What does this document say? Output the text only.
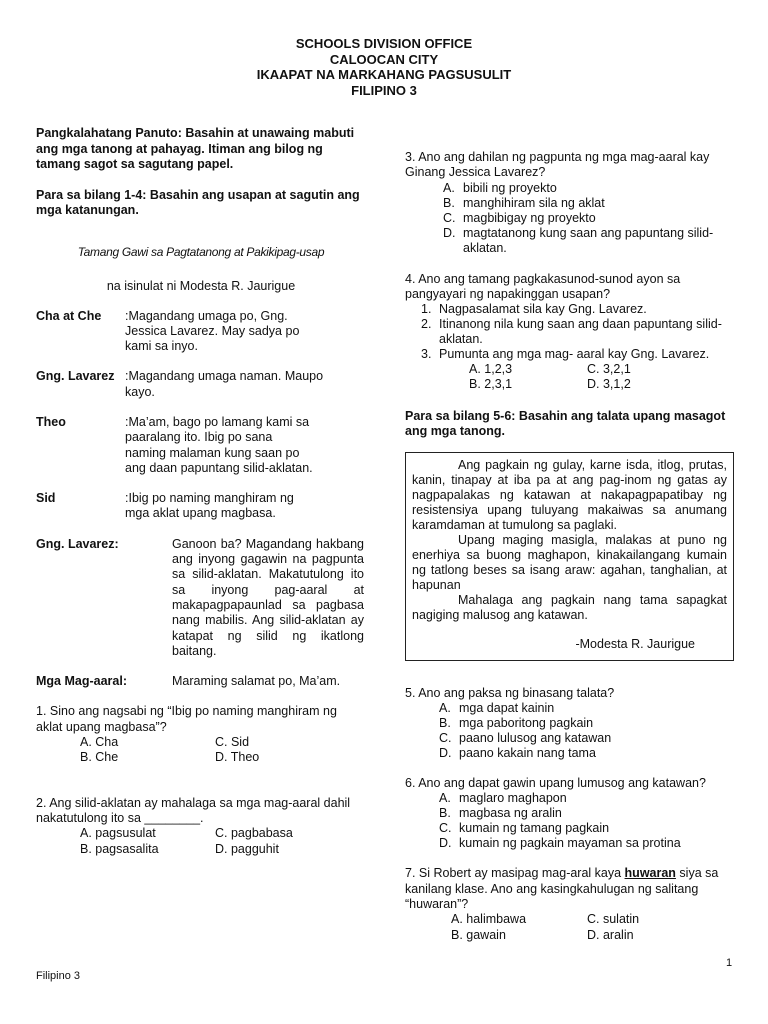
SCHOOLS DIVISION OFFICE
CALOOCAN CITY
IKAAPAT NA MARKAHANG PAGSUSULIT
FILIPINO 3

Pangkalahatang Panuto: Basahin at unawaing mabuti ang mga tanong at pahayag. Itiman ang bilog ng tamang sagot sa sagutang papel.

Para sa bilang 1-4: Basahin ang usapan at sagutin ang mga katanungan.

Tamang Gawi sa Pagtatanong at Pakikipag-usap

na isinulat ni Modesta R. Jaurigue

Cha at Che :Magandang umaga po, Gng. Jessica Lavarez. May sadya po kami sa inyo.
Gng. Lavarez :Magandang umaga naman. Maupo kayo.
Theo	:Ma’am, bago po lamang kami sa paaralang ito. Ibig po sana naming malaman kung saan po ang daan papuntang silid-aklatan.
Sid	:Ibig po naming manghiram ng mga aklat upang magbasa.
Gng. Lavarez:	Ganoon ba? Magandang hakbang ang inyong gagawin na pagpunta sa silid-aklatan. Makatutulong ito sa inyong pag-aaral at makapagpapaunlad sa pagbasa nang mabilis. Ang silid-aklatan ay katapat ng silid ng ikatlong baitang.
Mga Mag-aaral:	Maraming salamat po, Ma’am.

1. Sino ang nagsabi ng “Ibig po naming manghiram ng aklat upang magbasa”?

A. Cha	C. Sid
B. Che	D. Theo

2. Ang silid-aklatan ay mahalaga sa mga mag-aaral dahil nakatutulong ito sa ________.

A. pagsusulat	C. pagbabasa
B. pagsasalita	D. pagguhit

3. Ano ang dahilan ng pagpunta ng mga mag-aaral kay Ginang Jessica Lavarez?

A. bibili ng proyekto
B. manghihiram sila ng aklat
C. magbibigay ng proyekto
D. magtatanong kung saan ang papuntang silid-aklatan.

4. Ano ang tamang pagkakasunod-sunod ayon sa pangyayari ng napakinggan usapan?

1. Nagpasalamat sila kay Gng. Lavarez.
2. Itinanong nila kung saan ang daan papuntang silid-aklatan.
3. Pumunta ang mga mag- aaral kay Gng. Lavarez.
A. 1,2,3	C. 3,2,1
B. 2,3,1	D. 3,1,2

Para sa bilang 5-6: Basahin ang talata upang masagot ang mga tanong.

Ang pagkain ng gulay, karne isda, itlog, prutas, kanin, tinapay at iba pa at ang pag-inom ng gatas ay nagpapalakas ng katawan at nakapagpapatibay ng resistensiya upang tuluyang makaiwas sa anumang karamdaman at tumulong sa paglaki.

Upang maging masigla, malakas at puno ng enerhiya sa buong maghapon, kinakailangang kumain ng tatlong beses sa isang araw: agahan, tanghalian, at hapunan

Mahalaga ang pagkain nang tama sapagkat nagiging malusog ang katawan.

-Modesta R. Jaurigue

5. Ano ang paksa ng binasang talata?

A. mga dapat kainin
B. mga paboritong pagkain
C. paano lulusog ang katawan
D. paano kakain nang tama

6. Ano ang dapat gawin upang lumusog ang katawan?

A. maglaro maghapon
B. magbasa ng aralin
C. kumain ng tamang pagkain
D. kumain ng pagkain mayaman sa protina

7. Si Robert ay masipag mag-aral kaya huwaran siya sa kanilang klase. Ano ang kasingkahulugan ng salitang “huwaran”?

A. halimbawa	C. sulatin
B. gawain	D. aralin
1
Filipino 3
